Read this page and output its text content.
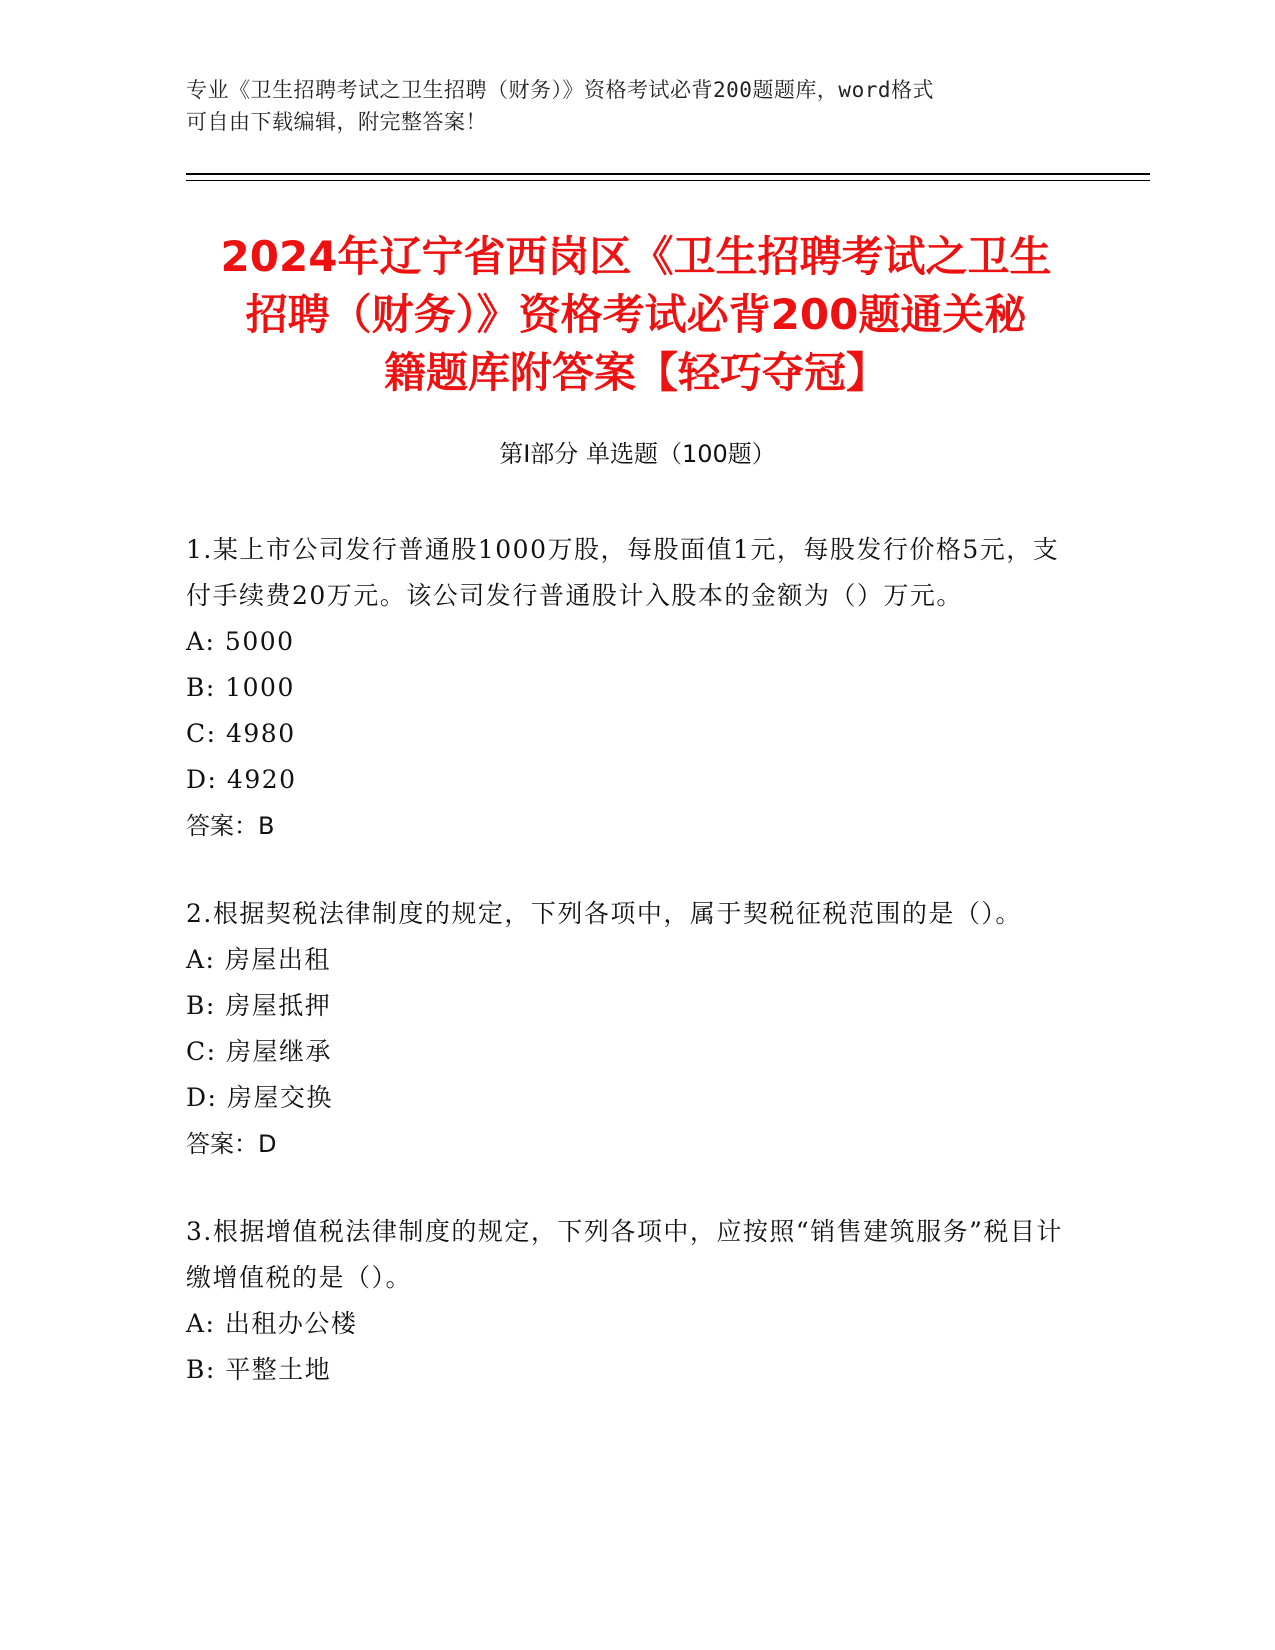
专业《卫生招聘考试之卫生招聘（财务）》资格考试必背200题题库，word格式
可自由下载编辑，附完整答案！
2024年辽宁省西岗区《卫生招聘考试之卫生
招聘（财务）》资格考试必背200题通关秘
籍题库附答案【轻巧夺冠】
第I部分 单选题（100题）
1.某上市公司发行普通股1000万股，每股面值1元，每股发行价格5元，支付手续费20万元。该公司发行普通股计入股本的金额为（）万元。
A: 5000
B: 1000
C: 4980
D: 4920
答案：B
2.根据契税法律制度的规定，下列各项中，属于契税征税范围的是（）。
A: 房屋出租
B: 房屋抵押
C: 房屋继承
D: 房屋交换
答案：D
3.根据增值税法律制度的规定，下列各项中，应按照“销售建筑服务”税目计缴增值税的是（）。
A: 出租办公楼
B: 平整土地
